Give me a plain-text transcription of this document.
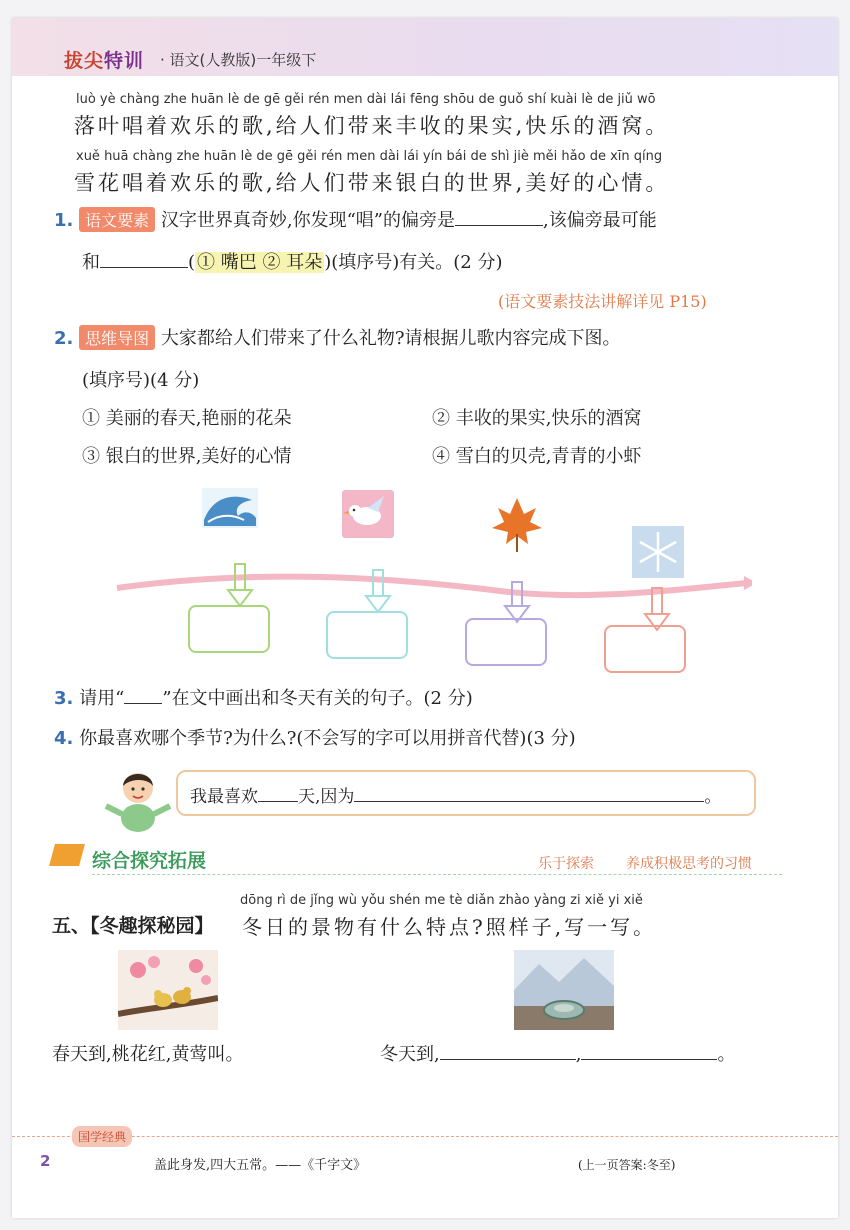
拔尖特训 · 语文(人教版)一年级下
luò yè chàng zhe huān lè de gē gěi rén men dài lái fēng shōu de guǒ shí kuài lè de jiǔ wō
落叶唱着欢乐的歌,给人们带来丰收的果实,快乐的酒窝。
xuě huā chàng zhe huān lè de gē gěi rén men dài lái yín bái de shì jiè měi hǎo de xīn qíng
雪花唱着欢乐的歌,给人们带来银白的世界,美好的心情。
1. 语文要素 汉字世界真奇妙,你发现“唱”的偏旁是	,该偏旁最可能
和	( ① 嘴巴 ② 耳朵 )(填序号)有关。(2 分)
(语文要素技法讲解详见 P15)
2. 思维导图 大家都给人们带来了什么礼物?请根据儿歌内容完成下图。
(填序号)(4 分)
① 美丽的春天,艳丽的花朵	② 丰收的果实,快乐的酒窝
③ 银白的世界,美好的心情	④ 雪白的贝壳,青青的小虾
3. 请用“ ”在文中画出和冬天有关的句子。(2 分)
4. 你最喜欢哪个季节?为什么?(不会写的字可以用拼音代替)(3 分)
我最喜欢 天,因为	。
综合探究拓展	乐于探索 养成积极思考的习惯
dōng rì de jǐng wù yǒu shén me tè diǎn zhào yàng zi xiě yi xiě
五、【冬趣探秘园】 冬日的景物有什么特点?照样子,写一写。
春天到,桃花红,黄莺叫。	冬天到,	,	。
国学经典
2	盖此身发,四大五常。——《千字文》	(上一页答案:冬至)
